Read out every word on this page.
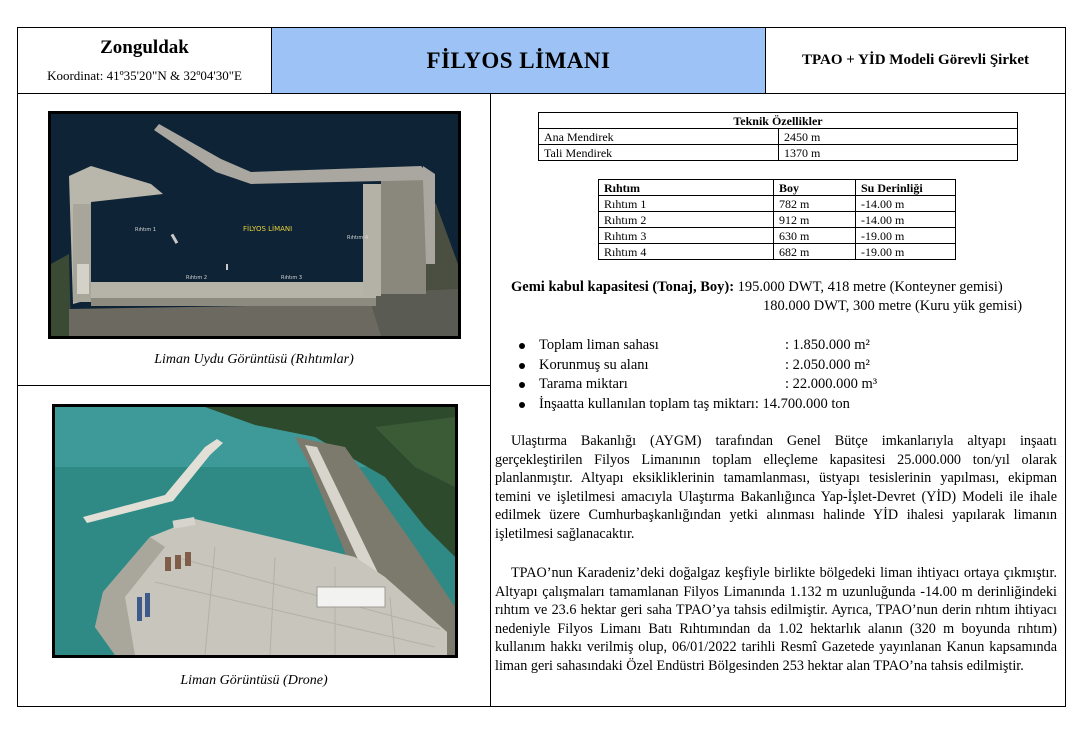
Zonguldak
Koordinat: 41º35'20"N & 32º04'30"E
FİLYOS LİMANI	TPAO + YİD Modeli Görevli Şirket
FİLYOS LİMANI
Rıhtım 1
Rıhtım 2	Rıhtım 3
Rıhtım 4
Liman Uydu Görüntüsü (Rıhtımlar)
Liman Görüntüsü (Drone)
Teknik Özellikler	
Ana Mendirek	2450 m
Tali Mendirek	1370 m
Rıhtım	Boy	Su Derinliği
Rıhtım 1	782 m	-14.00 m
Rıhtım 2	912 m	-14.00 m
Rıhtım 3	630 m	-19.00 m
Rıhtım 4	682 m	-19.00 m
Gemi kabul kapasitesi (Tonaj, Boy): 195.000 DWT, 418 metre (Konteyner gemisi)
180.000 DWT, 300 metre (Kuru yük gemisi)
Toplam liman sahası	: 1.850.000 m²
Korunmuş su alanı	: 2.050.000 m²
Tarama miktarı	: 22.000.000 m³
İnşaatta kullanılan toplam taş miktarı: 14.700.000 ton

Ulaştırma Bakanlığı (AYGM) tarafından Genel Bütçe imkanlarıyla altyapı inşaatı gerçekleştirilen Filyos Limanının toplam elleçleme kapasitesi 25.000.000 ton/yıl olarak planlanmıştır. Altyapı eksikliklerinin tamamlanması, üstyapı tesislerinin yapılması, ekipman temini ve işletilmesi amacıyla Ulaştırma Bakanlığınca Yap-İşlet-Devret (YİD) Modeli ile ihale edilmek üzere Cumhurbaşkanlığından yetki alınması halinde YİD ihalesi yapılarak limanın işletilmesi sağlanacaktır.

TPAO’nun Karadeniz’deki doğalgaz keşfiyle birlikte bölgedeki liman ihtiyacı ortaya çıkmıştır. Altyapı çalışmaları tamamlanan Filyos Limanında 1.132 m uzunluğunda -14.00 m derinliğindeki rıhtım ve 23.6 hektar geri saha TPAO’ya tahsis edilmiştir. Ayrıca, TPAO’nun derin rıhtım ihtiyacı nedeniyle Filyos Limanı Batı Rıhtımından da 1.02 hektarlık alanın (320 m boyunda rıhtım) kullanım hakkı verilmiş olup, 06/01/2022 tarihli Resmî Gazetede yayınlanan Kanun kapsamında liman geri sahasındaki Özel Endüstri Bölgesinden 253 hektar alan TPAO’na tahsis edilmiştir.
